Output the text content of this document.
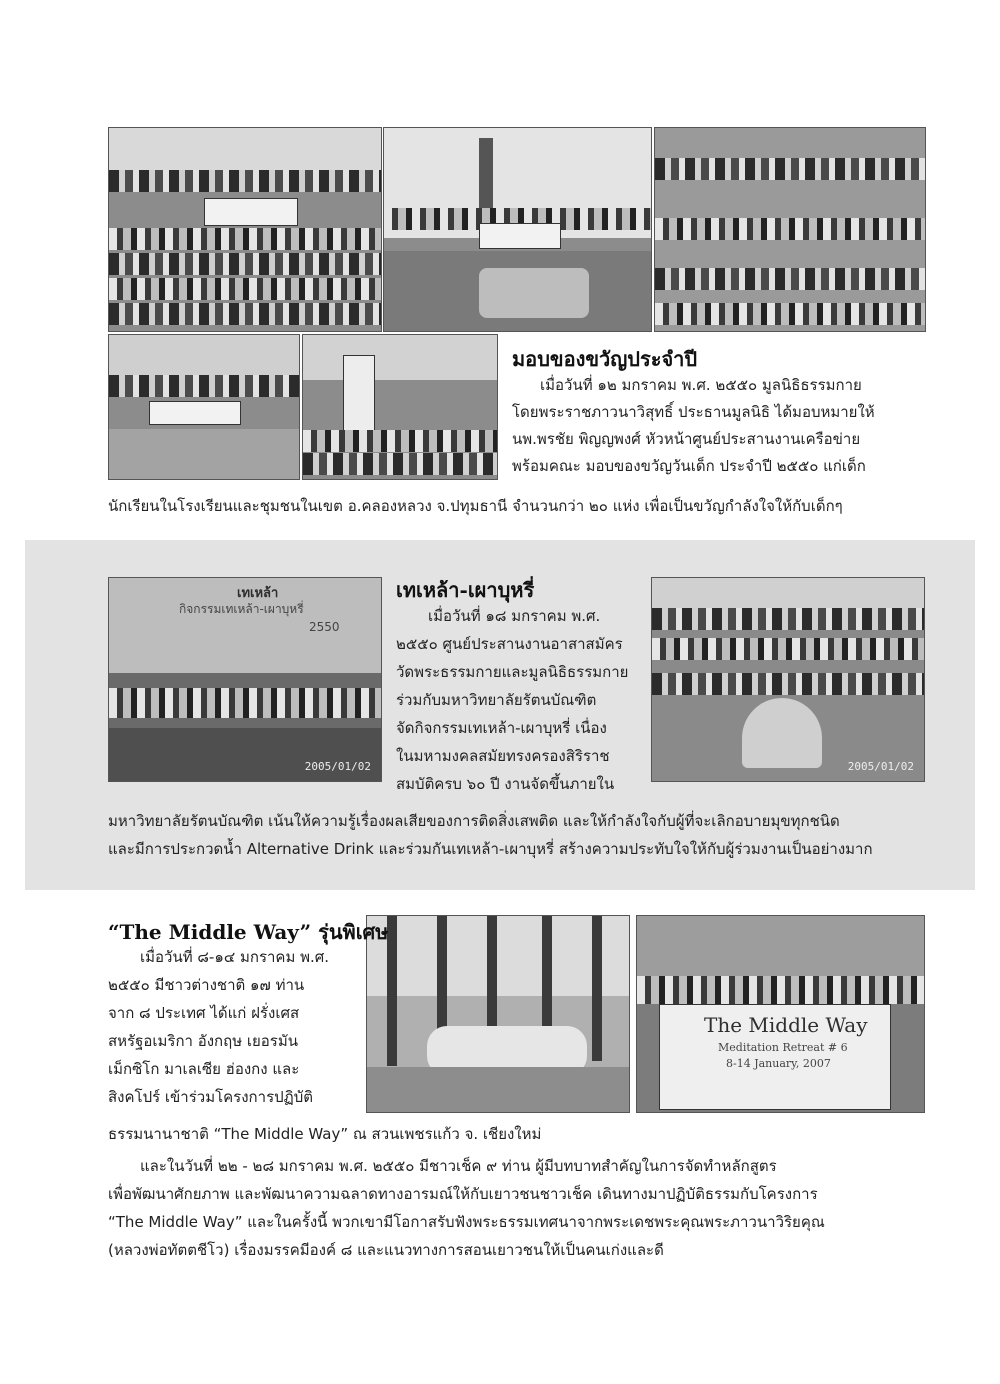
มอบของขวัญประจำปี
เมื่อวันที่ ๑๒ มกราคม พ.ศ. ๒๕๕๐ มูลนิธิธรรมกาย
โดยพระราชภาวนาวิสุทธิ์ ประธานมูลนิธิ ได้มอบหมายให้
นพ.พรชัย พิญญพงศ์ หัวหน้าศูนย์ประสานงานเครือข่าย
พร้อมคณะ มอบของขวัญวันเด็ก ประจำปี ๒๕๕๐ แก่เด็ก
นักเรียนในโรงเรียนและชุมชนในเขต อ.คลองหลวง จ.ปทุมธานี จำนวนกว่า ๒๐ แห่ง เพื่อเป็นขวัญกำลังใจให้กับเด็กๆ
เทเหล้า
กิจกรรมเทเหล้า-เผาบุหรี่
2550
2005/01/02	2005/01/02
เทเหล้า-เผาบุหรี่
เมื่อวันที่ ๑๘ มกราคม พ.ศ.
๒๕๕๐ ศูนย์ประสานงานอาสาสมัคร
วัดพระธรรมกายและมูลนิธิธรรมกาย
ร่วมกับมหาวิทยาลัยรัตนบัณฑิต
จัดกิจกรรมเทเหล้า-เผาบุหรี่ เนื่อง
ในมหามงคลสมัยทรงครองสิริราช
สมบัติครบ ๖๐ ปี งานจัดขึ้นภายใน
มหาวิทยาลัยรัตนบัณฑิต เน้นให้ความรู้เรื่องผลเสียของการติดสิ่งเสพติด และให้กำลังใจกับผู้ที่จะเลิกอบายมุขทุกชนิด
และมีการประกวดน้ำ Alternative Drink และร่วมกันเทเหล้า-เผาบุหรี่ สร้างความประทับใจให้กับผู้ร่วมงานเป็นอย่างมาก
The Middle Way
Meditation Retreat # 6
8-14 January, 2007
“The Middle Way” รุ่นพิเศษ
เมื่อวันที่ ๘-๑๔ มกราคม พ.ศ.
๒๕๕๐ มีชาวต่างชาติ ๑๗ ท่าน
จาก ๘ ประเทศ ได้แก่ ฝรั่งเศส
สหรัฐอเมริกา อังกฤษ เยอรมัน
เม็กซิโก มาเลเซีย ฮ่องกง และ
สิงคโปร์ เข้าร่วมโครงการปฏิบัติ
ธรรมนานาชาติ “The Middle Way” ณ สวนเพชรแก้ว จ. เชียงใหม่
และในวันที่ ๒๒ - ๒๘ มกราคม พ.ศ. ๒๕๕๐ มีชาวเช็ค ๙ ท่าน ผู้มีบทบาทสำคัญในการจัดทำหลักสูตร
เพื่อพัฒนาศักยภาพ และพัฒนาความฉลาดทางอารมณ์ให้กับเยาวชนชาวเช็ค เดินทางมาปฏิบัติธรรมกับโครงการ
“The Middle Way” และในครั้งนี้ พวกเขามีโอกาสรับฟังพระธรรมเทศนาจากพระเดชพระคุณพระภาวนาวิริยคุณ
(หลวงพ่อทัตตชีโว) เรื่องมรรคมีองค์ ๘ และแนวทางการสอนเยาวชนให้เป็นคนเก่งและดี
